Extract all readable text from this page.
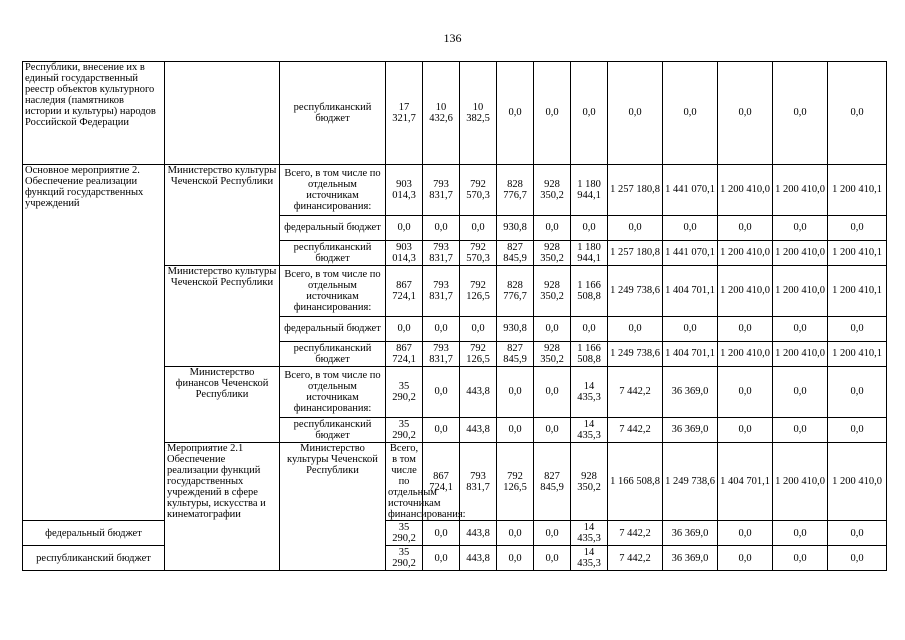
136
Республики, внесение их в единый государственный реестр объектов культурного наследия (памятников истории и культуры) народов Российской Федерации		республиканский бюджет	17 321,7	10 432,6	10 382,5	0,0	0,0	0,0	0,0	0,0	0,0	0,0	0,0	
Основное мероприятие 2. Обеспечение реализации функций государственных учреждений	Министерство культуры Чеченской Республики	Всего, в том числе по отдельным источникам финансирования:	903 014,3	793 831,7	792 570,3	828 776,7	928 350,2	1 180 944,1	1 257 180,8	1 441 070,1	1 200 410,0	1 200 410,0	1 200 410,1	
		федеральный бюджет	0,0	0,0	0,0	930,8	0,0	0,0	0,0	0,0	0,0	0,0	0,0	
		республиканский бюджет	903 014,3	793 831,7	792 570,3	827 845,9	928 350,2	1 180 944,1	1 257 180,8	1 441 070,1	1 200 410,0	1 200 410,0	1 200 410,1	
	Министерство культуры Чеченской Республики	Всего, в том числе по отдельным источникам финансирования:	867 724,1	793 831,7	792 126,5	828 776,7	928 350,2	1 166 508,8	1 249 738,6	1 404 701,1	1 200 410,0	1 200 410,0	1 200 410,1	
		федеральный бюджет	0,0	0,0	0,0	930,8	0,0	0,0	0,0	0,0	0,0	0,0	0,0	
		республиканский бюджет	867 724,1	793 831,7	792 126,5	827 845,9	928 350,2	1 166 508,8	1 249 738,6	1 404 701,1	1 200 410,0	1 200 410,0	1 200 410,1	
	Министерство финансов Чеченской Республики	Всего, в том числе по отдельным источникам финансирования:	35 290,2	0,0	443,8	0,0	0,0	14 435,3	7 442,2	36 369,0	0,0	0,0	0,0	
		республиканский бюджет	35 290,2	0,0	443,8	0,0	0,0	14 435,3	7 442,2	36 369,0	0,0	0,0	0,0	
	Мероприятие 2.1 Обеспечение реализации функций государственных учреждений в сфере культуры, искусства и кинематографии	Министерство культуры Чеченской Республики	Всего, в том числе по отдельным источникам финансирования:	867 724,1	793 831,7	792 126,5	827 845,9	928 350,2	1 166 508,8	1 249 738,6	1 404 701,1	1 200 410,0	1 200 410,0	
федеральный бюджет			35 290,2	0,0	443,8	0,0	0,0	14 435,3	7 442,2	36 369,0	0,0	0,0	0,0	
республиканский бюджет			35 290,2	0,0	443,8	0,0	0,0	14 435,3	7 442,2	36 369,0	0,0	0,0	0,0	
